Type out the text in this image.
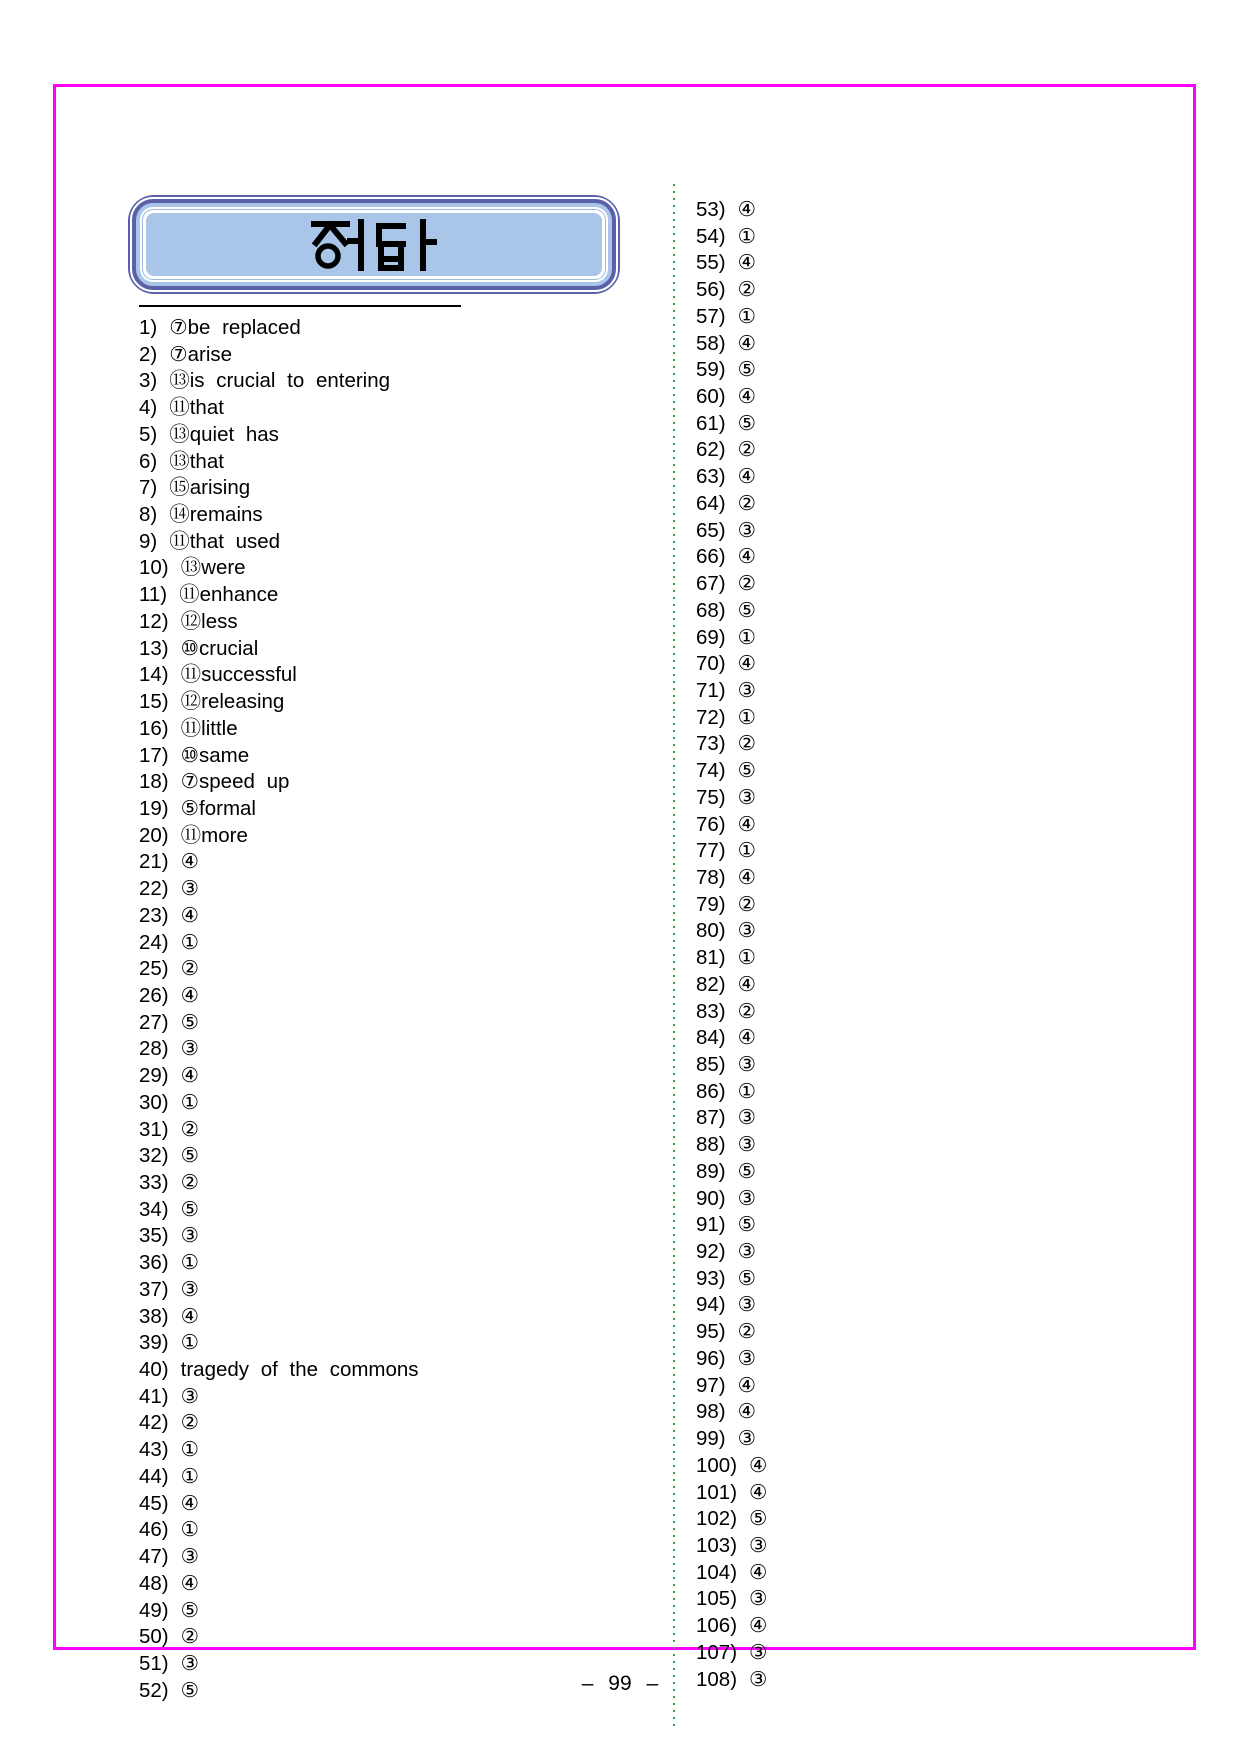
1) ⑦be replaced
2) ⑦arise
3) ⑬is crucial to entering
4) ⑪that
5) ⑬quiet has
6) ⑬that
7) ⑮arising
8) ⑭remains
9) ⑪that used
10) ⑬were
11) ⑪enhance
12) ⑫less
13) ⑩crucial
14) ⑪successful
15) ⑫releasing
16) ⑪little
17) ⑩same
18) ⑦speed up
19) ⑤formal
20) ⑪more
21) ④
22) ③
23) ④
24) ①
25) ②
26) ④
27) ⑤
28) ③
29) ④
30) ①
31) ②
32) ⑤
33) ②
34) ⑤
35) ③
36) ①
37) ③
38) ④
39) ①
40) tragedy of the commons
41) ③
42) ②
43) ①
44) ①
45) ④
46) ①
47) ③
48) ④
49) ⑤
50) ②
51) ③
52) ⑤
53) ④
54) ①
55) ④
56) ②
57) ①
58) ④
59) ⑤
60) ④
61) ⑤
62) ②
63) ④
64) ②
65) ③
66) ④
67) ②
68) ⑤
69) ①
70) ④
71) ③
72) ①
73) ②
74) ⑤
75) ③
76) ④
77) ①
78) ④
79) ②
80) ③
81) ①
82) ④
83) ②
84) ④
85) ③
86) ①
87) ③
88) ③
89) ⑤
90) ③
91) ⑤
92) ③
93) ⑤
94) ③
95) ②
96) ③
97) ④
98) ④
99) ③
100) ④
101) ④
102) ⑤
103) ③
104) ④
105) ③
106) ④
107) ③
108) ③
– 99 –
